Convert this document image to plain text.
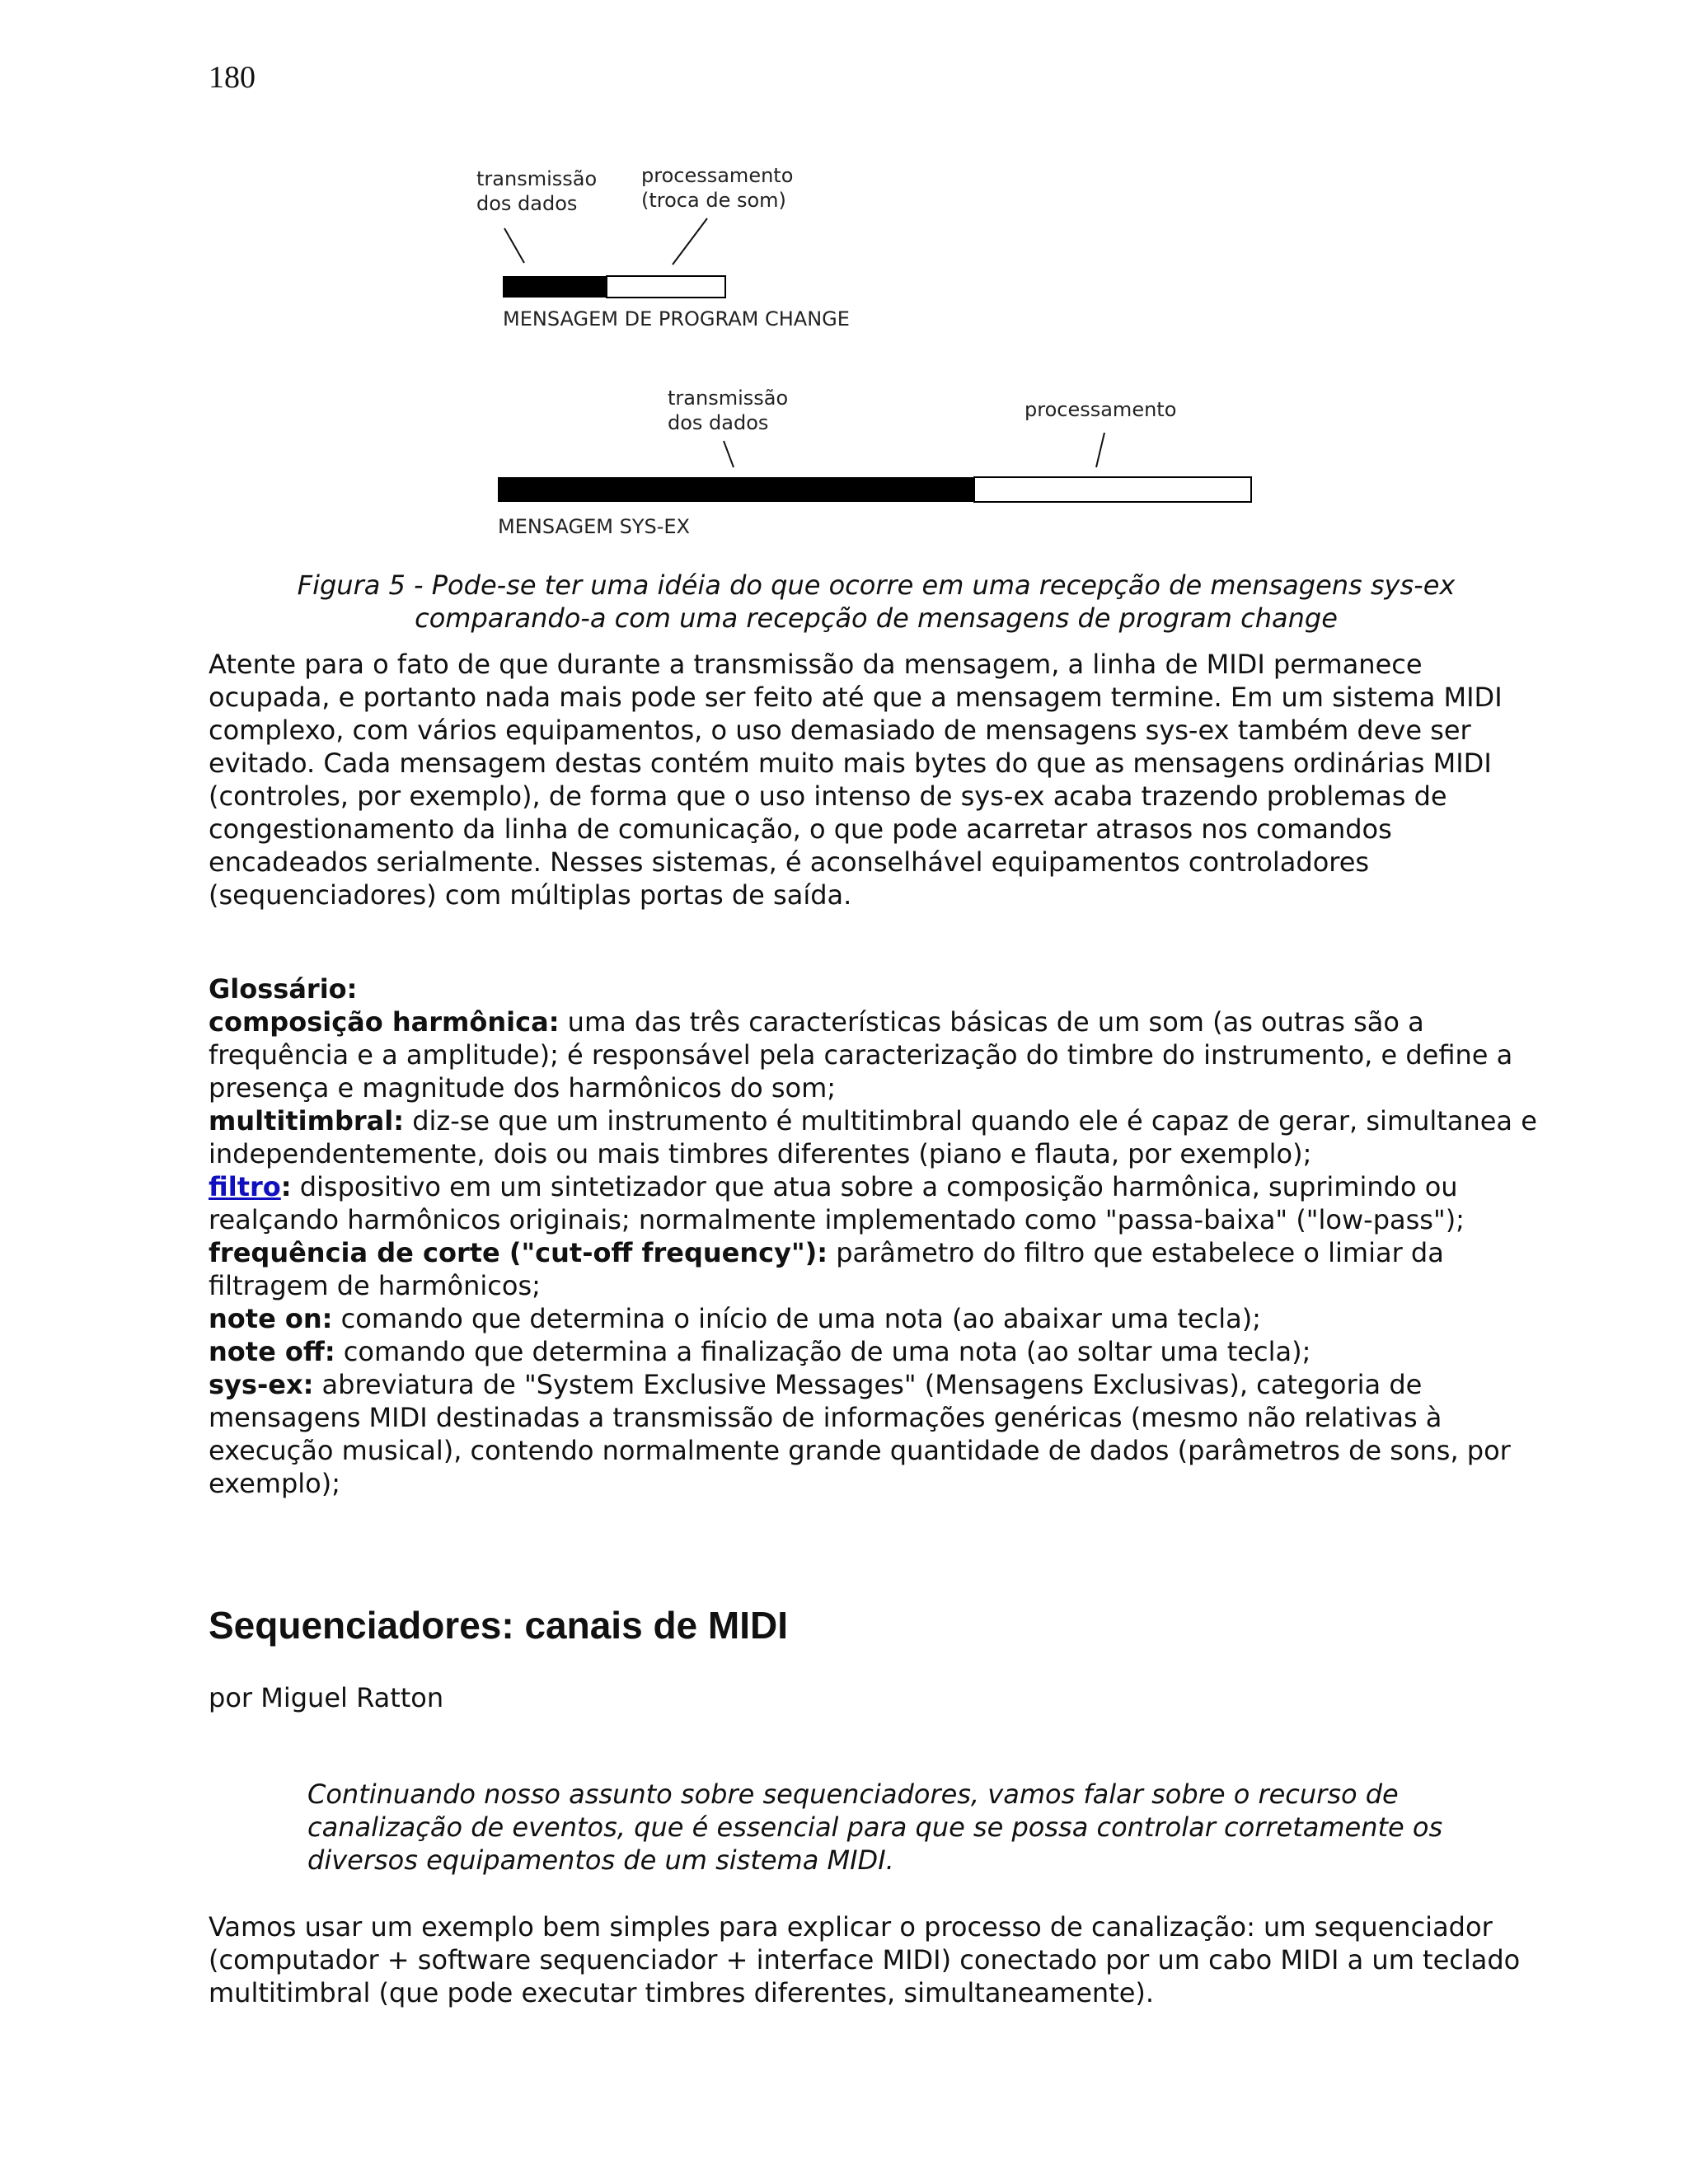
180
transmissão
dos dados
processamento
(troca de som)
MENSAGEM DE PROGRAM CHANGE
transmissão
dos dados
processamento
MENSAGEM SYS-EX
Figura 5 - Pode-se ter uma idéia do que ocorre em uma recepção de mensagens sys-ex
comparando-a com uma recepção de mensagens de program change
Atente para o fato de que durante a transmissão da mensagem, a linha de MIDI permanece ocupada, e portanto nada mais pode ser feito até que a mensagem termine. Em um sistema MIDI complexo, com vários equipamentos, o uso demasiado de mensagens sys-ex também deve ser evitado. Cada mensagem destas contém muito mais bytes do que as mensagens ordinárias MIDI (controles, por exemplo), de forma que o uso intenso de sys-ex acaba trazendo problemas de congestionamento da linha de comunicação, o que pode acarretar atrasos nos comandos encadeados serialmente. Nesses sistemas, é aconselhável equipamentos controladores (sequenciadores) com múltiplas portas de saída.

Glossário:

composição harmônica: uma das três características básicas de um som (as outras são a frequência e a amplitude); é responsável pela caracterização do timbre do instrumento, e define a presença e magnitude dos harmônicos do som;

multitimbral: diz-se que um instrumento é multitimbral quando ele é capaz de gerar, simultanea e independentemente, dois ou mais timbres diferentes (piano e flauta, por exemplo);

filtro: dispositivo em um sintetizador que atua sobre a composição harmônica, suprimindo ou realçando harmônicos originais; normalmente implementado como "passa-baixa" ("low-pass");

frequência de corte ("cut-off frequency"): parâmetro do filtro que estabelece o limiar da filtragem de harmônicos;

note on: comando que determina o início de uma nota (ao abaixar uma tecla);

note off: comando que determina a finalização de uma nota (ao soltar uma tecla);

sys-ex: abreviatura de "System Exclusive Messages" (Mensagens Exclusivas), categoria de mensagens MIDI destinadas a transmissão de informações genéricas (mesmo não relativas à execução musical), contendo normalmente grande quantidade de dados (parâmetros de sons, por exemplo);

Sequenciadores: canais de MIDI
por Miguel Ratton
Continuando nosso assunto sobre sequenciadores, vamos falar sobre o recurso de canalização de eventos, que é essencial para que se possa controlar corretamente os diversos equipamentos de um sistema MIDI.
Vamos usar um exemplo bem simples para explicar o processo de canalização: um sequenciador (computador + software sequenciador + interface MIDI) conectado por um cabo MIDI a um teclado multitimbral (que pode executar timbres diferentes, simultaneamente).
